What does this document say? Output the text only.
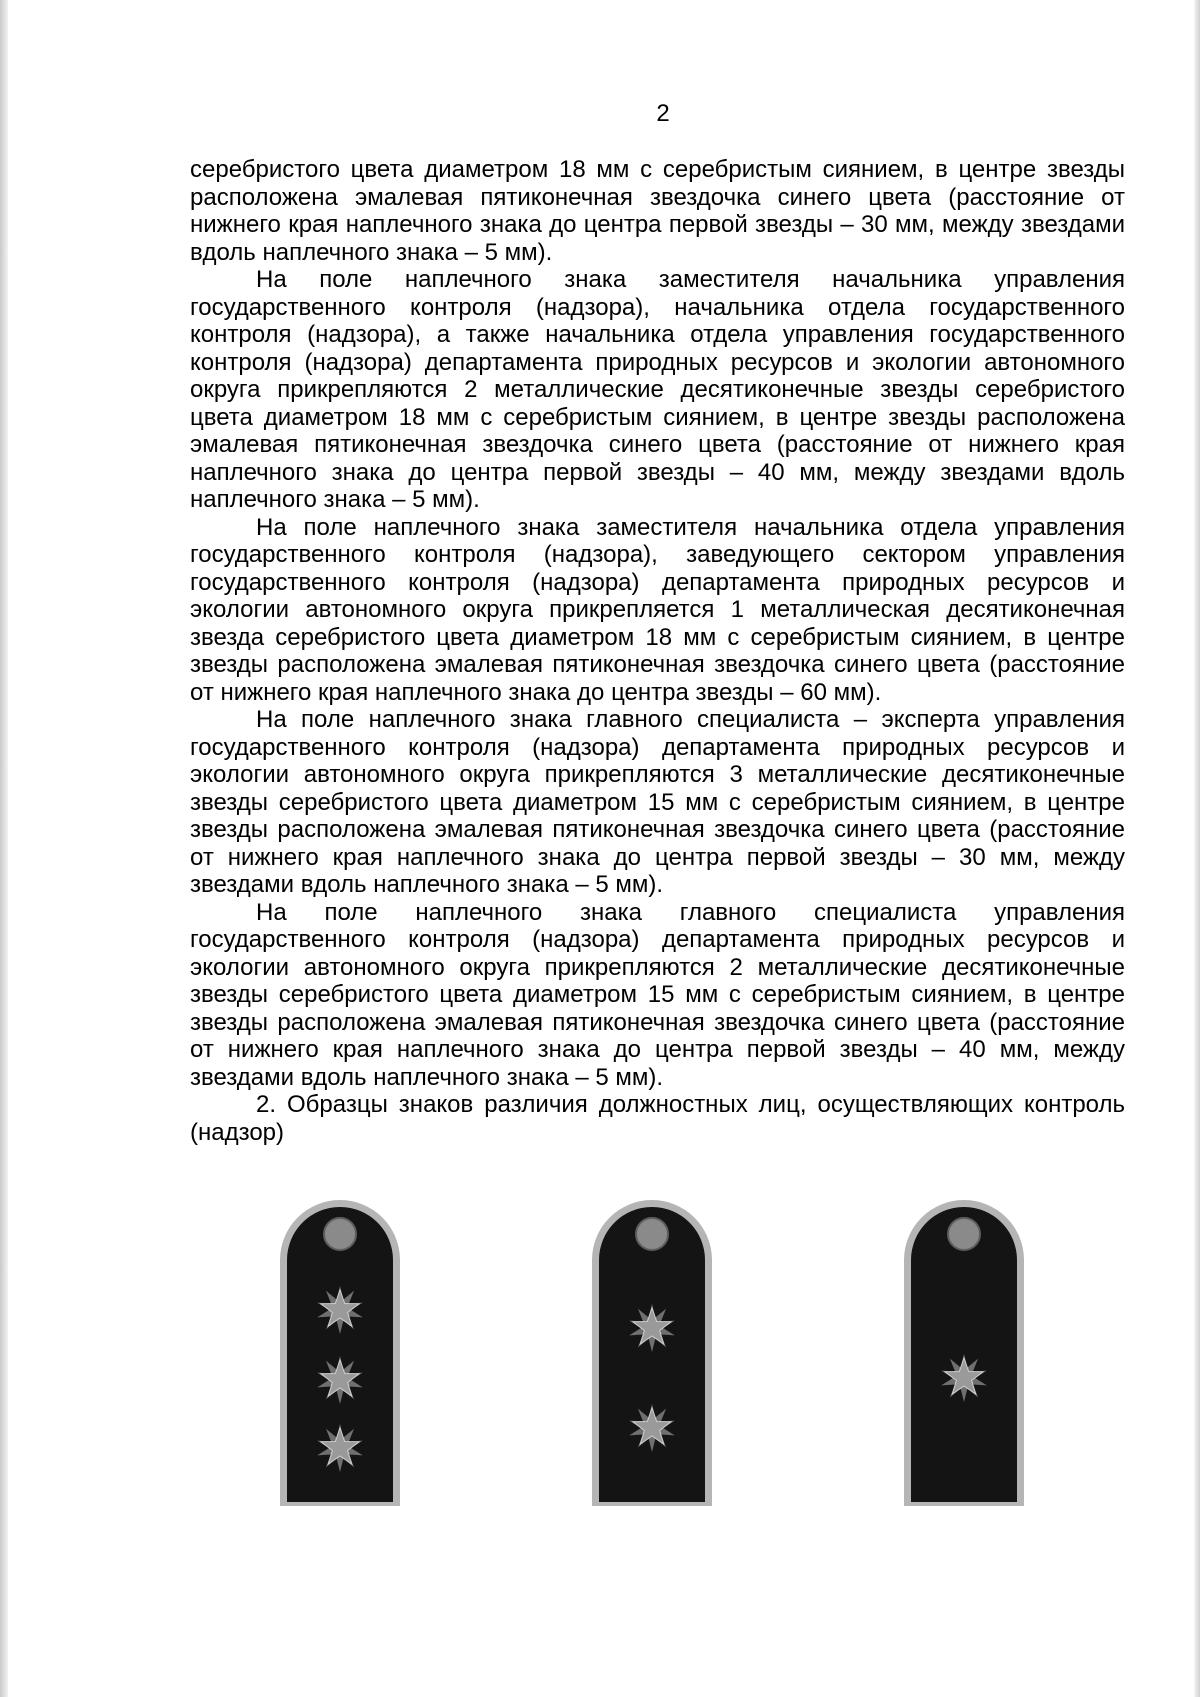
2

серебристого цвета диаметром 18 мм с серебристым сиянием, в центре звезды расположена эмалевая пятиконечная звездочка синего цвета (расстояние от нижнего края наплечного знака до центра первой звезды – 30 мм, между звездами вдоль наплечного знака – 5 мм).

На поле наплечного знака заместителя начальника управления государственного контроля (надзора), начальника отдела государственного контроля (надзора), а также начальника отдела управления государственного контроля (надзора) департамента природных ресурсов и экологии автономного округа прикрепляются 2 металлические десятиконечные звезды серебристого цвета диаметром 18 мм с серебристым сиянием, в центре звезды расположена эмалевая пятиконечная звездочка синего цвета (расстояние от нижнего края наплечного знака до центра первой звезды – 40 мм, между звездами вдоль наплечного знака – 5 мм).

На поле наплечного знака заместителя начальника отдела управления государственного контроля (надзора), заведующего сектором управления государственного контроля (надзора) департамента природных ресурсов и экологии автономного округа прикрепляется 1 металлическая десятиконечная звезда серебристого цвета диаметром 18 мм с серебристым сиянием, в центре звезды расположена эмалевая пятиконечная звездочка синего цвета (расстояние от нижнего края наплечного знака до центра звезды – 60 мм).

На поле наплечного знака главного специалиста – эксперта управления государственного контроля (надзора) департамента природных ресурсов и экологии автономного округа прикрепляются 3 металлические десятиконечные звезды серебристого цвета диаметром 15 мм с серебристым сиянием, в центре звезды расположена эмалевая пятиконечная звездочка синего цвета (расстояние от нижнего края наплечного знака до центра первой звезды – 30 мм, между звездами вдоль наплечного знака – 5 мм).

На поле наплечного знака главного специалиста управления государственного контроля (надзора) департамента природных ресурсов и экологии автономного округа прикрепляются 2 металлические десятиконечные звезды серебристого цвета диаметром 15 мм с серебристым сиянием, в центре звезды расположена эмалевая пятиконечная звездочка синего цвета (расстояние от нижнего края наплечного знака до центра первой звезды – 40 мм, между звездами вдоль наплечного знака – 5 мм).

2. Образцы знаков различия должностных лиц, осуществляющих контроль (надзор)
